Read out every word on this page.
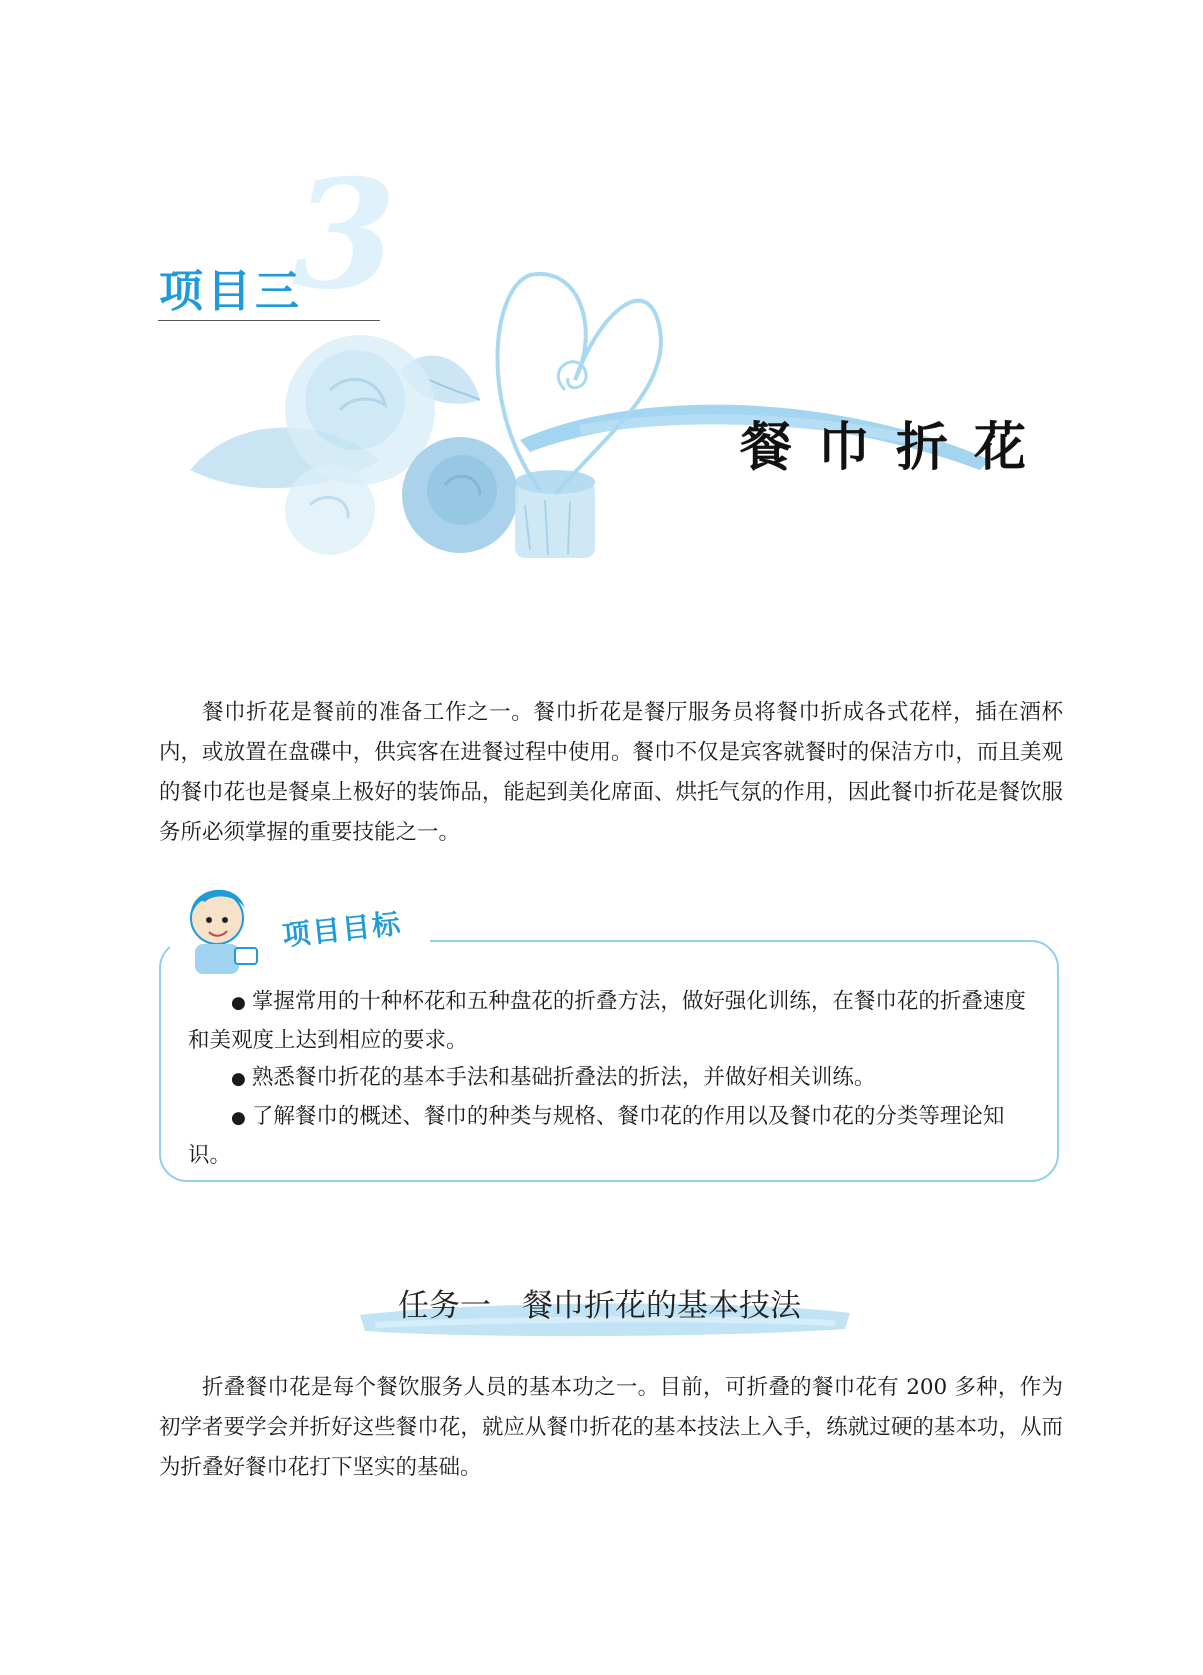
3
项目三
餐巾折花

餐巾折花是餐前的准备工作之一。餐巾折花是餐厅服务员将餐巾折成各式花样，插在酒杯内，或放置在盘碟中，供宾客在进餐过程中使用。餐巾不仅是宾客就餐时的保洁方巾，而且美观的餐巾花也是餐桌上极好的装饰品，能起到美化席面、烘托气氛的作用，因此餐巾折花是餐饮服务所必须掌握的重要技能之一。

项目目标

● 掌握常用的十种杯花和五种盘花的折叠方法，做好强化训练，在餐巾花的折叠速度和美观度上达到相应的要求。

● 熟悉餐巾折花的基本手法和基础折叠法的折法，并做好相关训练。

● 了解餐巾的概述、餐巾的种类与规格、餐巾花的作用以及餐巾花的分类等理论知识。

任务一　餐巾折花的基本技法

折叠餐巾花是每个餐饮服务人员的基本功之一。目前，可折叠的餐巾花有 200 多种，作为初学者要学会并折好这些餐巾花，就应从餐巾折花的基本技法上入手，练就过硬的基本功，从而为折叠好餐巾花打下坚实的基础。
